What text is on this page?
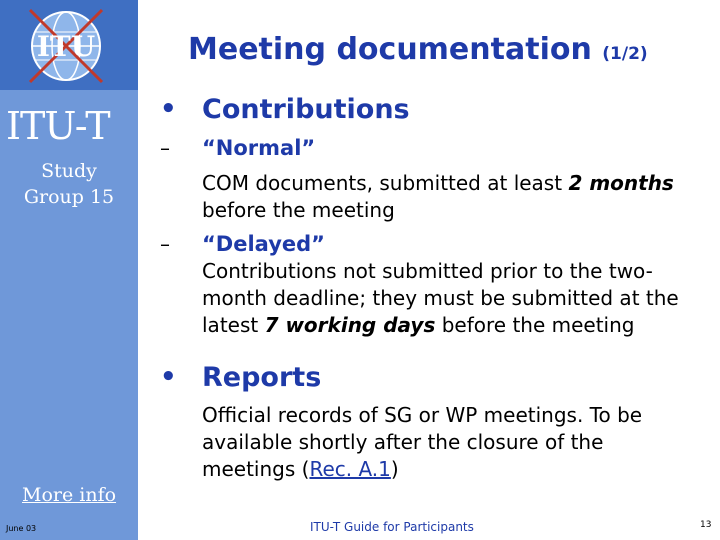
ITU
ITU-T
Study
Group 15
More info
June 03
Meeting documentation (1/2)
• Contributions
– “Normal”
COM documents, submitted at least 2 months
before the meeting
– “Delayed”
Contributions not submitted prior to the two-
month deadline; they must be submitted at the
latest 7 working days before the meeting
• Reports
Official records of SG or WP meetings. To be
available shortly after the closure of the
meetings (Rec. A.1)
ITU-T Guide for Participants	13
